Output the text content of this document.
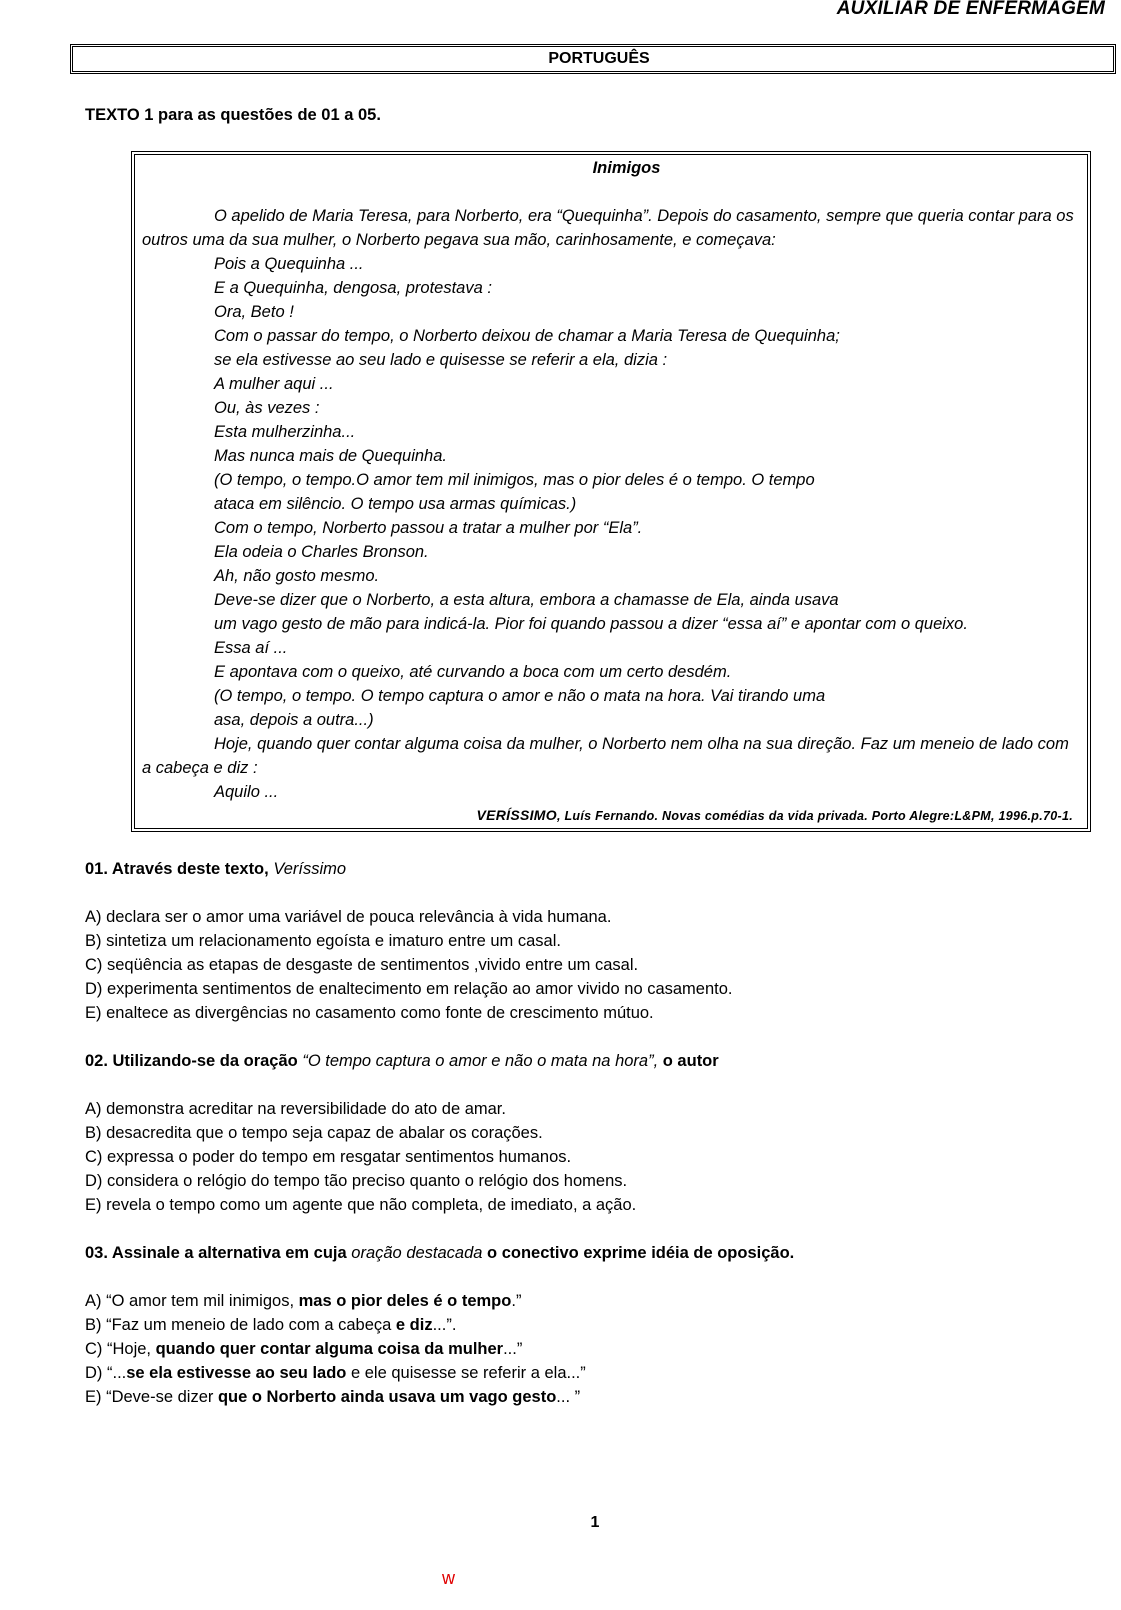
AUXILIAR DE ENFERMAGEM
PORTUGUÊS
TEXTO 1 para as questões de 01 a 05.

Inimigos

O apelido de Maria Teresa, para Norberto, era “Quequinha”. Depois do casamento, sempre que queria contar para os outros uma da sua mulher, o Norberto pegava sua mão, carinhosamente, e começava:

Pois a Quequinha ...

E a Quequinha, dengosa, protestava :

Ora, Beto !

Com o passar do tempo, o Norberto deixou de chamar a Maria Teresa de Quequinha;

se ela estivesse ao seu lado e quisesse se referir a ela, dizia :

A mulher aqui ...

Ou, às vezes :

Esta mulherzinha...

Mas nunca mais de Quequinha.

(O tempo, o tempo.O amor tem mil inimigos, mas o pior deles é o tempo. O tempo

ataca em silêncio. O tempo usa armas químicas.)

Com o tempo, Norberto passou a tratar a mulher por “Ela”.

Ela odeia o Charles Bronson.

Ah, não gosto mesmo.

Deve-se dizer que o Norberto, a esta altura, embora a chamasse de Ela, ainda usava

um vago gesto de mão para indicá-la. Pior foi quando passou a dizer “essa aí” e apontar com o queixo.

Essa aí ...

E apontava com o queixo, até curvando a boca com um certo desdém.

(O tempo, o tempo. O tempo captura o amor e não o mata na hora. Vai tirando uma

asa, depois a outra...)

Hoje, quando quer contar alguma coisa da mulher, o Norberto nem olha na sua direção. Faz um meneio de lado com a cabeça e diz :

Aquilo ...

VERÍSSIMO, Luís Fernando. Novas comédias da vida privada. Porto Alegre:L&PM, 1996.p.70-1.

01. Através deste texto, Veríssimo

A) declara ser o amor uma variável de pouca relevância à vida humana.
B) sintetiza um relacionamento egoísta e imaturo entre um casal.
C) seqüência as etapas de desgaste de sentimentos ,vivido entre um casal.
D) experimenta sentimentos de enaltecimento em relação ao amor vivido no casamento.
E) enaltece as divergências no casamento como fonte de crescimento mútuo.

02. Utilizando-se da oração “O tempo captura o amor e não o mata na hora”, o autor

A) demonstra acreditar na reversibilidade do ato de amar.
B) desacredita que o tempo seja capaz de abalar os corações.
C) expressa o poder do tempo em resgatar sentimentos humanos.
D) considera o relógio do tempo tão preciso quanto o relógio dos homens.
E) revela o tempo como um agente que não completa, de imediato, a ação.

03. Assinale a alternativa em cuja oração destacada o conectivo exprime idéia de oposição.

A) “O amor tem mil inimigos, mas o pior deles é o tempo.”
B) “Faz um meneio de lado com a cabeça e diz...”.
C) “Hoje, quando quer contar alguma coisa da mulher...”
D) “...se ela estivesse ao seu lado e ele quisesse se referir a ela...”
E) “Deve-se dizer que o Norberto ainda usava um vago gesto... ”
1
w
